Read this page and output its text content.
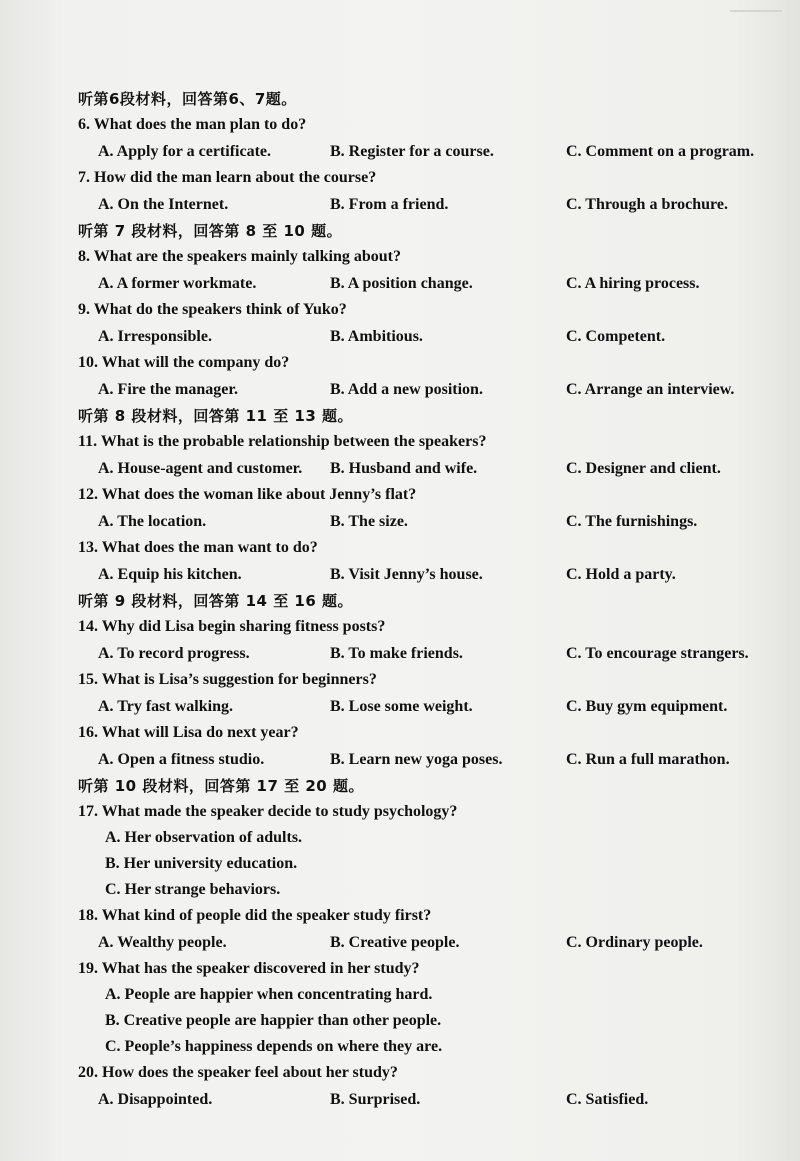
听第6段材料，回答第6、7题。
6. What does the man plan to do?
A. Apply for a certificate.	B. Register for a course.	C. Comment on a program.
7. How did the man learn about the course?
A. On the Internet.	B. From a friend.	C. Through a brochure.
听第 7 段材料，回答第 8 至 10 题。
8. What are the speakers mainly talking about?
A. A former workmate.	B. A position change.	C. A hiring process.
9. What do the speakers think of Yuko?
A. Irresponsible.	B. Ambitious.	C. Competent.
10. What will the company do?
A. Fire the manager.	B. Add a new position.	C. Arrange an interview.
听第 8 段材料，回答第 11 至 13 题。
11. What is the probable relationship between the speakers?
A. House-agent and customer. B. Husband and wife.	C. Designer and client.
12. What does the woman like about Jenny’s flat?
A. The location.	B. The size.	C. The furnishings.
13. What does the man want to do?
A. Equip his kitchen.	B. Visit Jenny’s house.	C. Hold a party.
听第 9 段材料，回答第 14 至 16 题。
14. Why did Lisa begin sharing fitness posts?
A. To record progress.	B. To make friends.	C. To encourage strangers.
15. What is Lisa’s suggestion for beginners?
A. Try fast walking.	B. Lose some weight.	C. Buy gym equipment.
16. What will Lisa do next year?
A. Open a fitness studio.	B. Learn new yoga poses.	C. Run a full marathon.
听第 10 段材料，回答第 17 至 20 题。
17. What made the speaker decide to study psychology?
A. Her observation of adults.
B. Her university education.
C. Her strange behaviors.
18. What kind of people did the speaker study first?
A. Wealthy people.	B. Creative people.	C. Ordinary people.
19. What has the speaker discovered in her study?
A. People are happier when concentrating hard.
B. Creative people are happier than other people.
C. People’s happiness depends on where they are.
20. How does the speaker feel about her study?
A. Disappointed.	B. Surprised.	C. Satisfied.
